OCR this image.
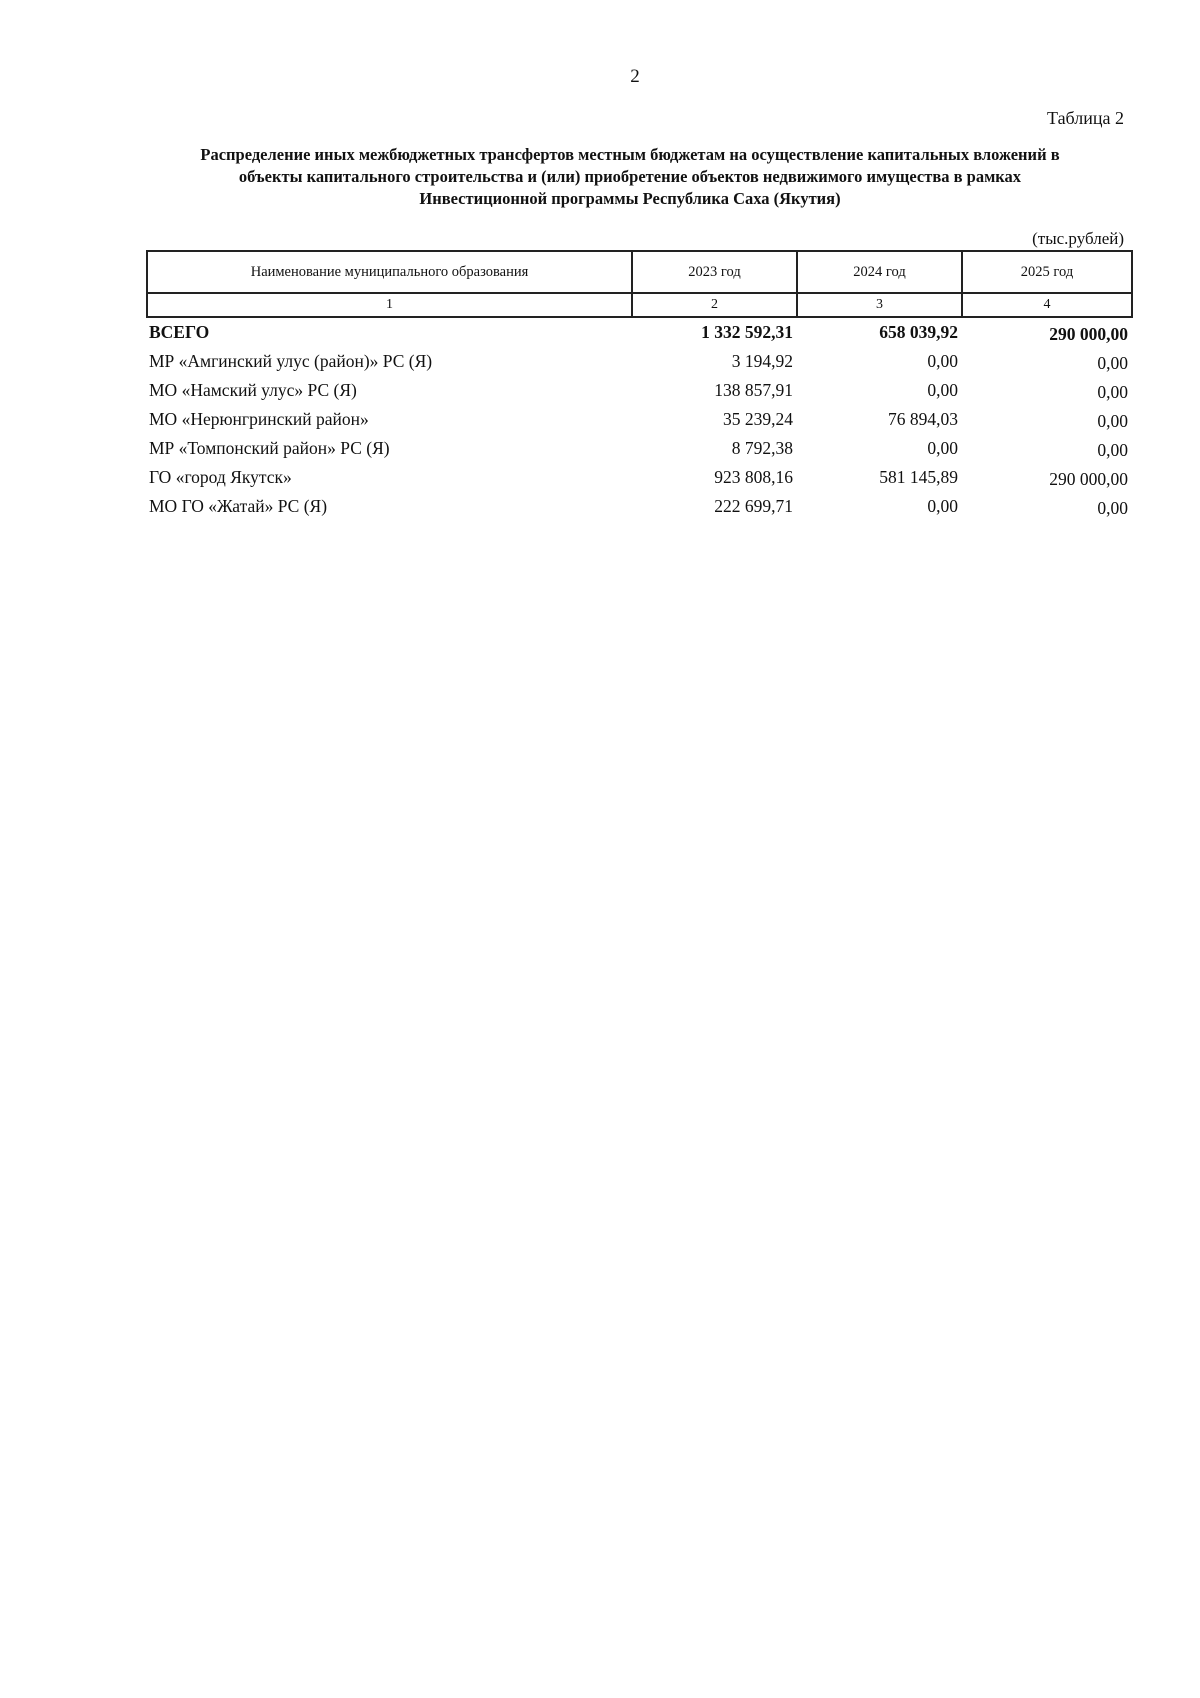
2
Таблица 2
Распределение иных межбюджетных трансфертов местным бюджетам на осуществление капитальных вложений в
объекты капитального строительства и (или) приобретение объектов недвижимого имущества в рамках
Инвестиционной программы Республика Саха (Якутия)
(тыс.рублей)
Наименование муниципального образования	2023 год	2024 год	2025 год
1	2	3	4
ВСЕГО	1 332 592,31	658 039,92	290 000,00
МР «Амгинский улус (район)» РС (Я)	3 194,92	0,00	0,00
МО «Намский улус» РС (Я)	138 857,91	0,00	0,00
МО «Нерюнгринский район»	35 239,24	76 894,03	0,00
МР «Томпонский район» РС (Я)	8 792,38	0,00	0,00
ГО «город Якутск»	923 808,16	581 145,89	290 000,00
МО ГО «Жатай» РС (Я)	222 699,71	0,00	0,00
